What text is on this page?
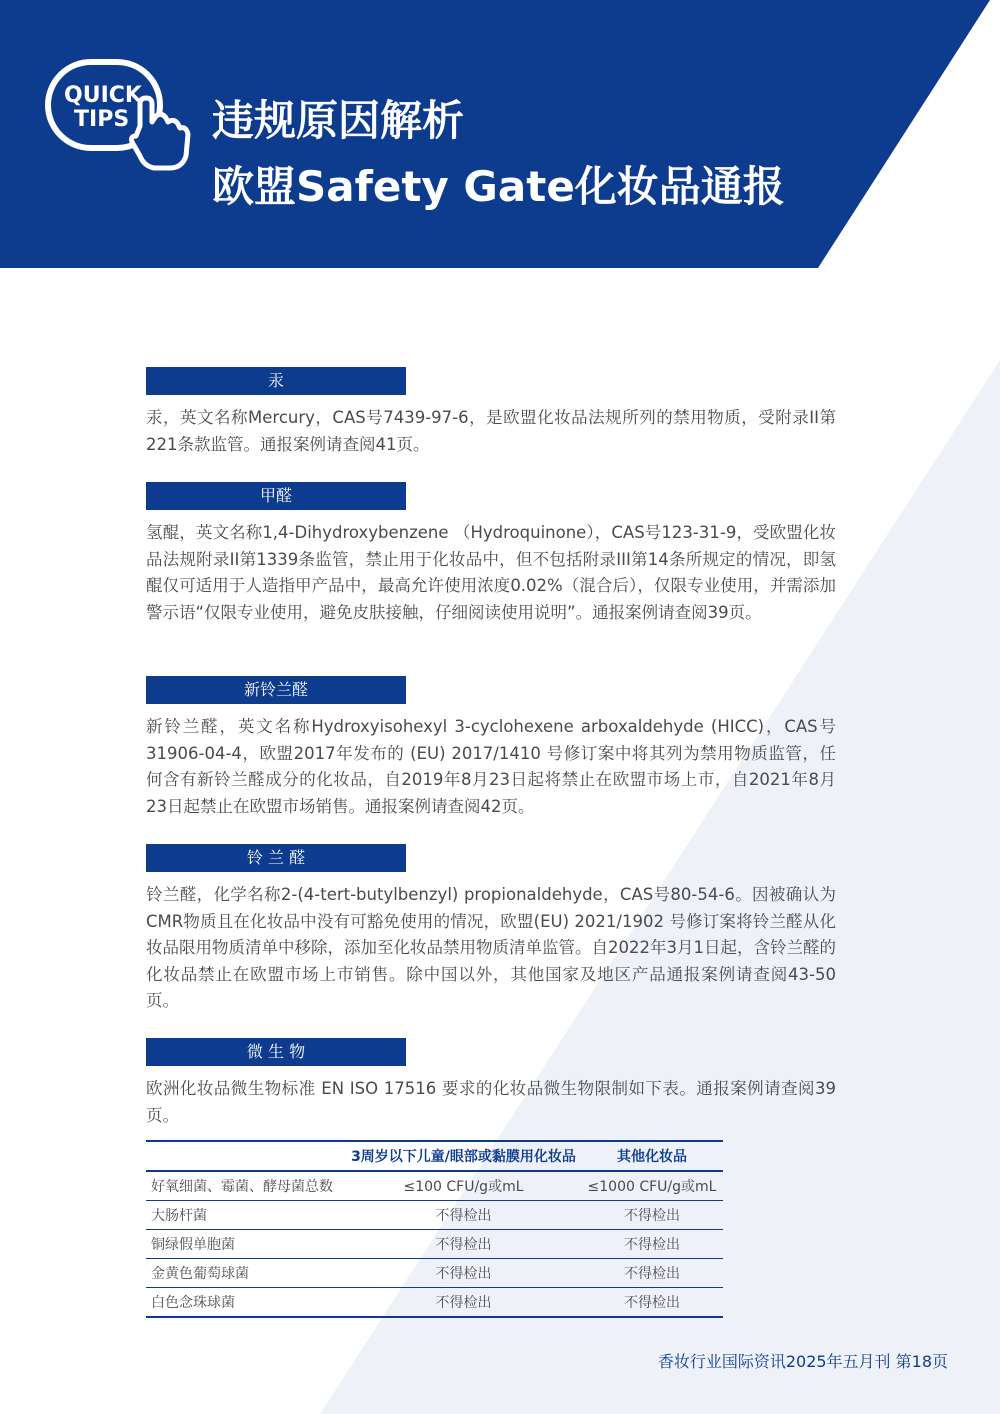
QUICK
TIPS 违规原因解析
欧盟Safety Gate化妆品通报
汞
汞，英文名称Mercury，CAS号7439-97-6，是欧盟化妆品法规所列的禁用物质，受附录II第221条款监管。通报案例请查阅41页。
甲醛
氢醌，英文名称1,4-Dihydroxybenzene （Hydroquinone），CAS号123-31-9，受欧盟化妆品法规附录II第1339条监管，禁止用于化妆品中，但不包括附录III第14条所规定的情况，即氢醌仅可适用于人造指甲产品中，最高允许使用浓度0.02%（混合后），仅限专业使用，并需添加警示语“仅限专业使用，避免皮肤接触，仔细阅读使用说明”。通报案例请查阅39页。
新铃兰醛
新铃兰醛，英文名称Hydroxyisohexyl 3-cyclohexene arboxaldehyde (HICC)，CAS号31906-04-4，欧盟2017年发布的 (EU) 2017/1410 号修订案中将其列为禁用物质监管，任何含有新铃兰醛成分的化妆品，自2019年8月23日起将禁止在欧盟市场上市，自2021年8月23日起禁止在欧盟市场销售。通报案例请查阅42页。
铃 兰 醛
铃兰醛，化学名称2-(4-tert-butylbenzyl) propionaldehyde，CAS号80-54-6。因被确认为CMR物质且在化妆品中没有可豁免使用的情况，欧盟(EU) 2021/1902 号修订案将铃兰醛从化妆品限用物质清单中移除，添加至化妆品禁用物质清单监管。自2022年3月1日起，含铃兰醛的化妆品禁止在欧盟市场上市销售。除中国以外，其他国家及地区产品通报案例请查阅43-50页。
微 生 物
欧洲化妆品微生物标准 EN ISO 17516 要求的化妆品微生物限制如下表。通报案例请查阅39页。
	3周岁以下儿童/眼部或黏膜用化妆品	其他化妆品
好氧细菌、霉菌、酵母菌总数	≤100 CFU/g或mL	≤1000 CFU/g或mL
大肠杆菌	不得检出	不得检出
铜绿假单胞菌	不得检出	不得检出
金黄色葡萄球菌	不得检出	不得检出
白色念珠球菌	不得检出	不得检出
香妆行业国际资讯2025年五月刊 第18页
